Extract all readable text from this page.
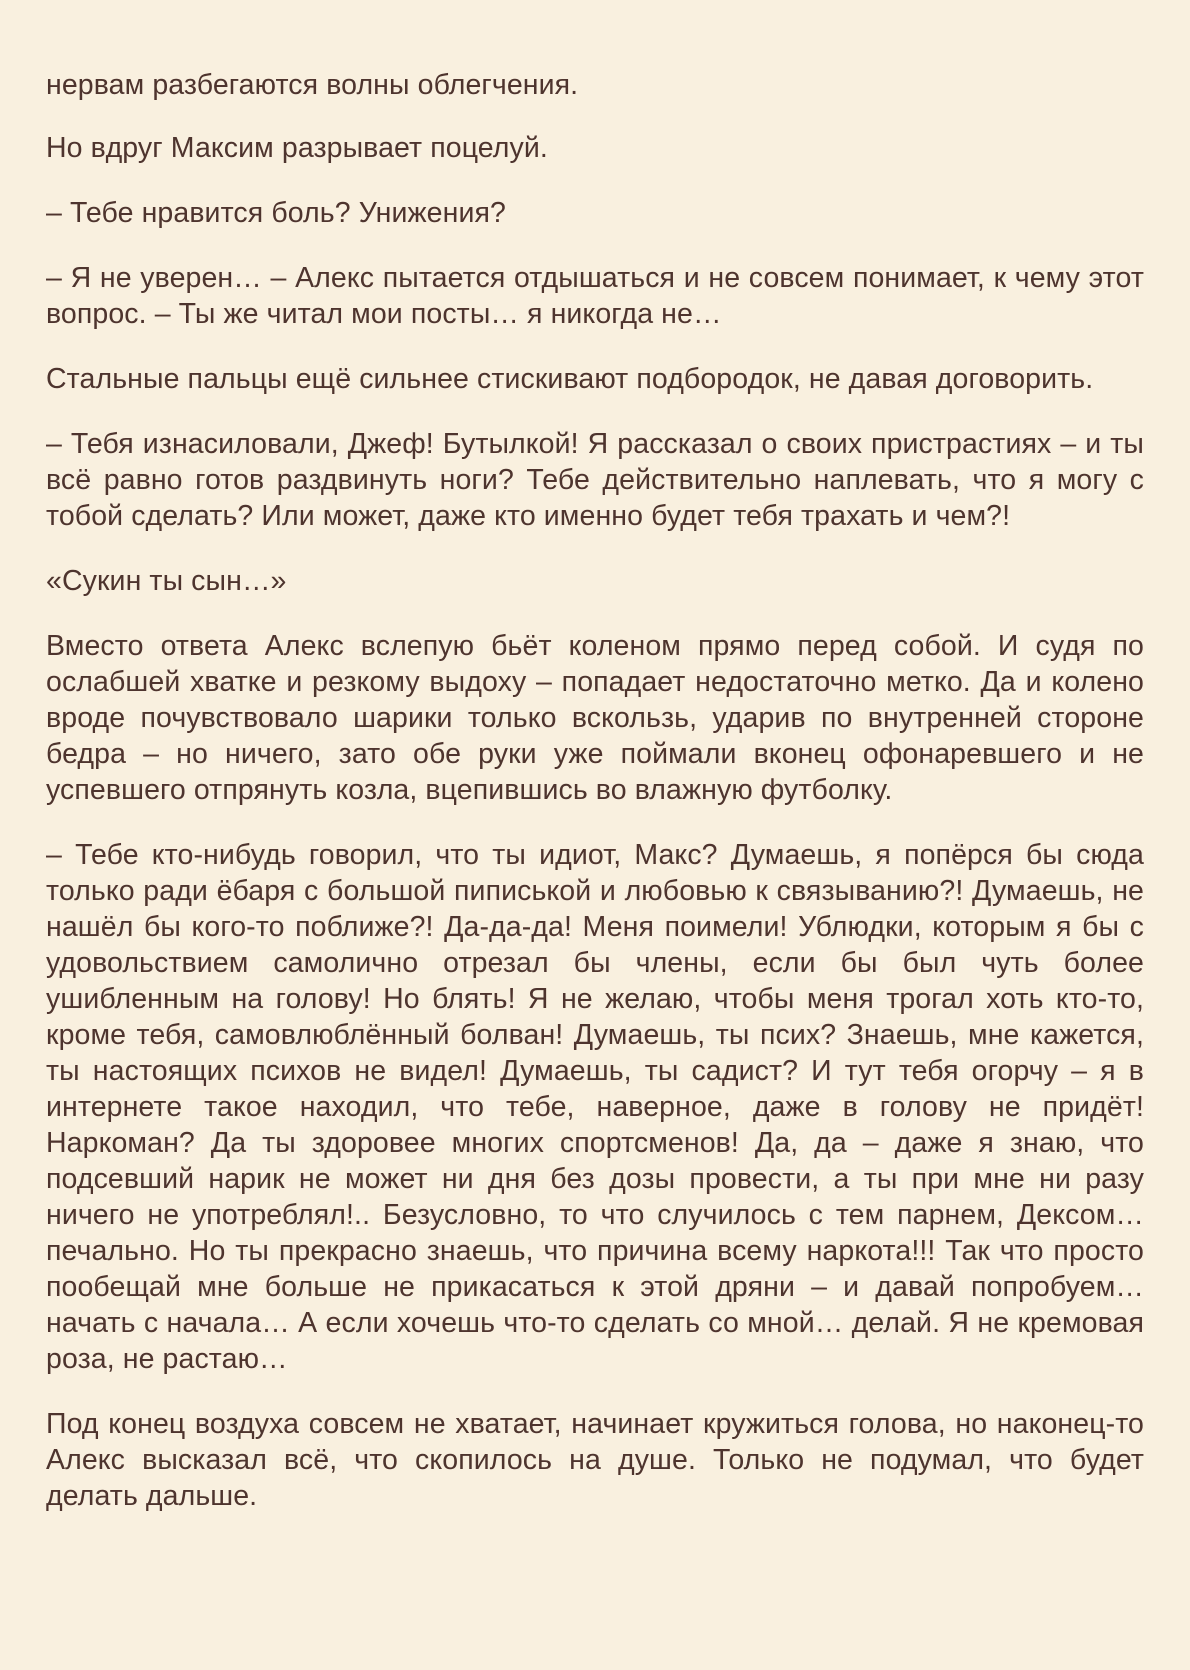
нервам разбегаются волны облегчения.

Но вдруг Максим разрывает поцелуй.

– Тебе нравится боль? Унижения?

– Я не уверен… – Алекс пытается отдышаться и не совсем понимает, к чему этот вопрос. – Ты же читал мои посты… я никогда не…

Стальные пальцы ещё сильнее стискивают подбородок, не давая договорить.

– Тебя изнасиловали, Джеф! Бутылкой! Я рассказал о своих пристрастиях – и ты всё равно готов раздвинуть ноги? Тебе действительно наплевать, что я могу с тобой сделать? Или может, даже кто именно будет тебя трахать и чем?!

«Сукин ты сын…»

Вместо ответа Алекс вслепую бьёт коленом прямо перед собой. И судя по ослабшей хватке и резкому выдоху – попадает недостаточно метко. Да и колено вроде почувствовало шарики только вскользь, ударив по внутренней стороне бедра – но ничего, зато обе руки уже поймали вконец офонаревшего и не успевшего отпрянуть козла, вцепившись во влажную футболку.

– Тебе кто-нибудь говорил, что ты идиот, Макс? Думаешь, я попёрся бы сюда только ради ёбаря с большой пиписькой и любовью к связыванию?! Думаешь, не нашёл бы кого-то поближе?! Да-да-да! Меня поимели! Ублюдки, которым я бы с удовольствием самолично отрезал бы члены, если бы был чуть более ушибленным на голову! Но блять! Я не желаю, чтобы меня трогал хоть кто-то, кроме тебя, самовлюблённый болван! Думаешь, ты псих? Знаешь, мне кажется, ты настоящих психов не видел! Думаешь, ты садист? И тут тебя огорчу – я в интернете такое находил, что тебе, наверное, даже в голову не придёт! Наркоман? Да ты здоровее многих спортсменов! Да, да – даже я знаю, что подсевший нарик не может ни дня без дозы провести, а ты при мне ни разу ничего не употреблял!.. Безусловно, то что случилось с тем парнем, Дексом… печально. Но ты прекрасно знаешь, что причина всему наркота!!! Так что просто пообещай мне больше не прикасаться к этой дряни – и давай попробуем… начать с начала… А если хочешь что-то сделать со мной… делай. Я не кремовая роза, не растаю…

Под конец воздуха совсем не хватает, начинает кружиться голова, но наконец-то Алекс высказал всё, что скопилось на душе. Только не подумал, что будет делать дальше.
